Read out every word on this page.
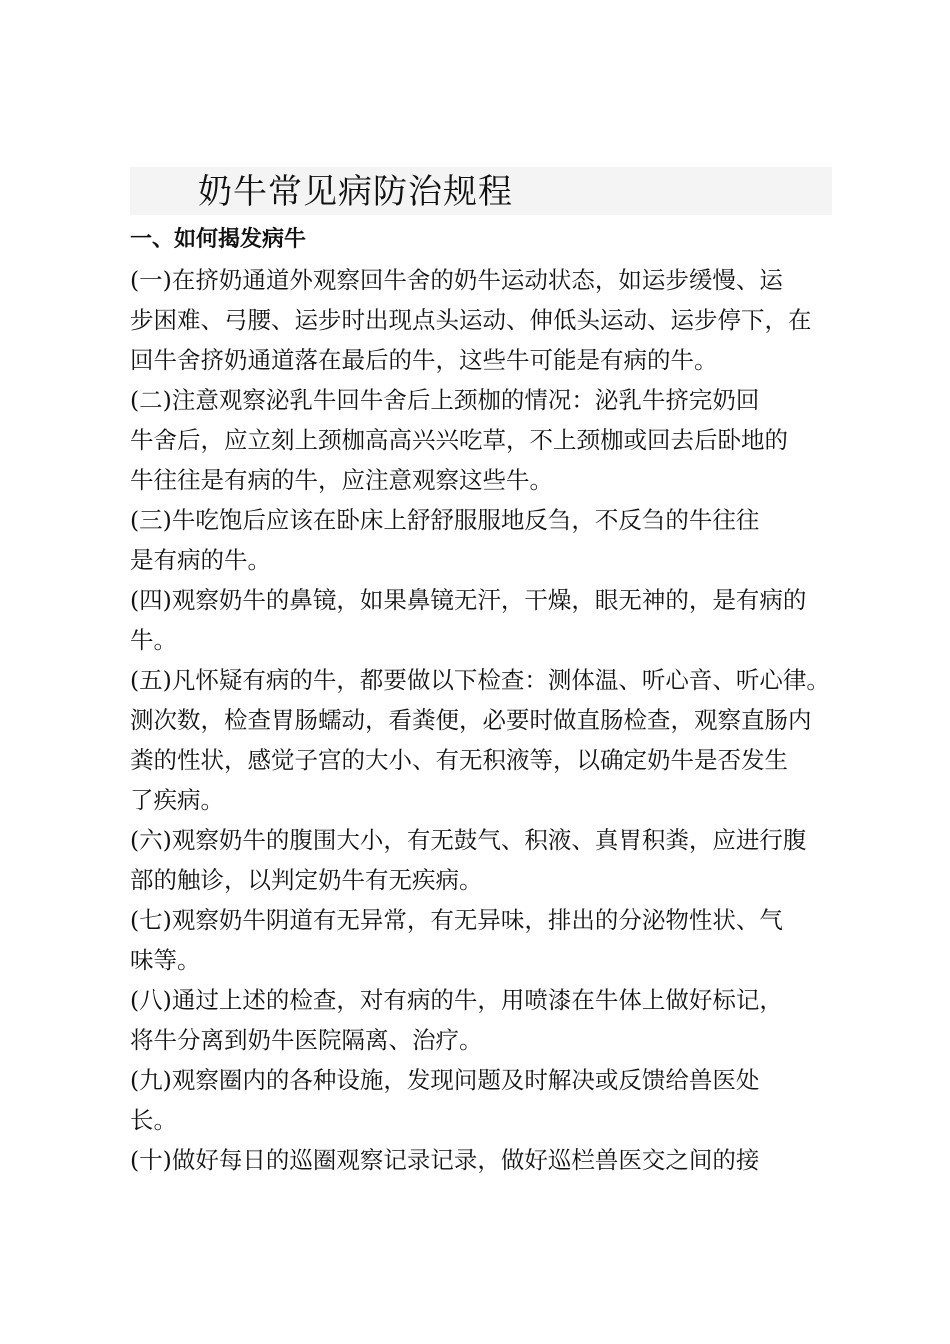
奶牛常见病防治规程
一、如何揭发病牛
(一)在挤奶通道外观察回牛舍的奶牛运动状态，如运步缓慢、运
步困难、弓腰、运步时出现点头运动、伸低头运动、运步停下，在
回牛舍挤奶通道落在最后的牛，这些牛可能是有病的牛。
(二)注意观察泌乳牛回牛舍后上颈枷的情况：泌乳牛挤完奶回
牛舍后，应立刻上颈枷高高兴兴吃草，不上颈枷或回去后卧地的
牛往往是有病的牛，应注意观察这些牛。
(三)牛吃饱后应该在卧床上舒舒服服地反刍，不反刍的牛往往
是有病的牛。
(四)观察奶牛的鼻镜，如果鼻镜无汗，干燥，眼无神的，是有病的
牛。
(五)凡怀疑有病的牛，都要做以下检查：测体温、听心音、听心律。
测次数，检查胃肠蠕动，看粪便，必要时做直肠检查，观察直肠内
粪的性状，感觉子宫的大小、有无积液等，以确定奶牛是否发生
了疾病。
(六)观察奶牛的腹围大小，有无鼓气、积液、真胃积粪，应进行腹
部的触诊，以判定奶牛有无疾病。
(七)观察奶牛阴道有无异常，有无异味，排出的分泌物性状、气
味等。
(八)通过上述的检查，对有病的牛，用喷漆在牛体上做好标记，
将牛分离到奶牛医院隔离、治疗。
(九)观察圈内的各种设施，发现问题及时解决或反馈给兽医处
长。
(十)做好每日的巡圈观察记录记录，做好巡栏兽医交之间的接
